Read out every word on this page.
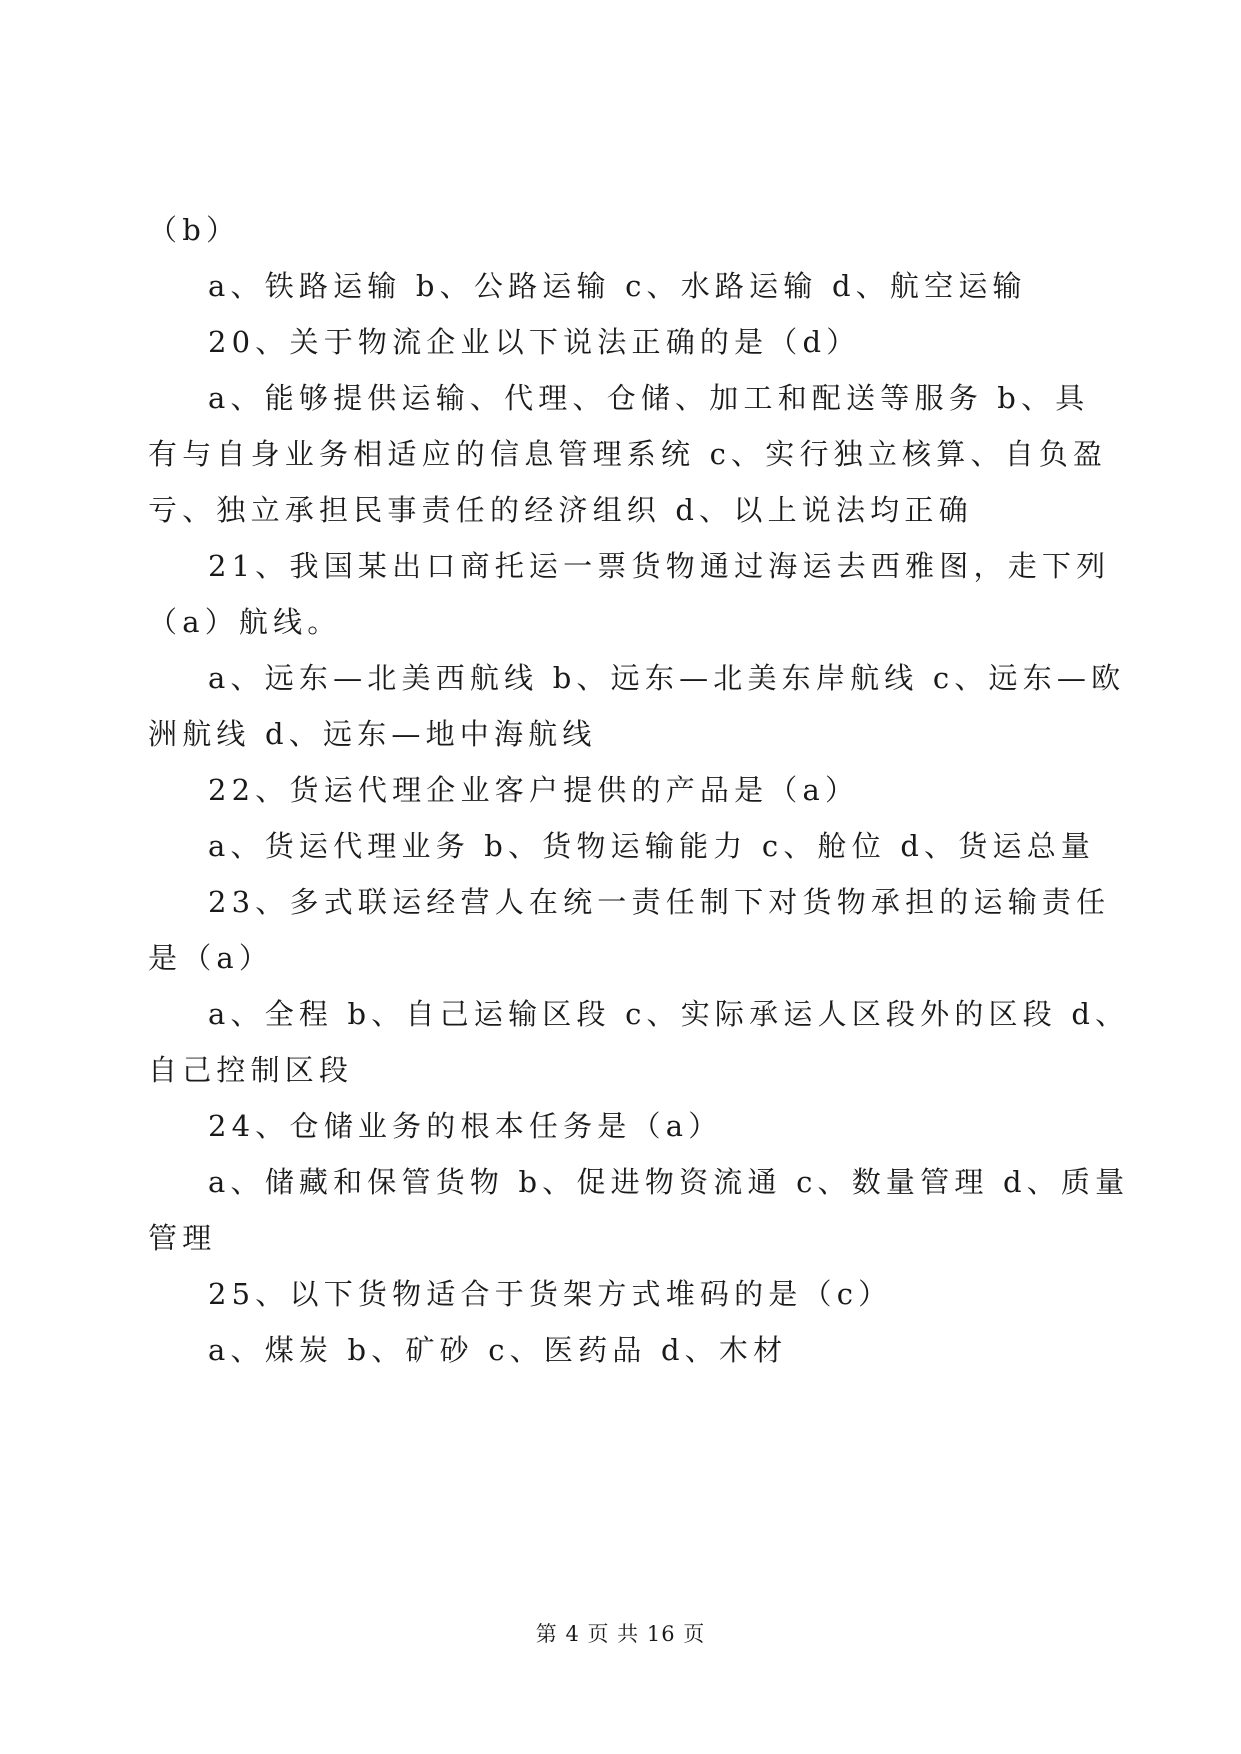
（b）
a、铁路运输 b、公路运输 c、水路运输 d、航空运输
20、关于物流企业以下说法正确的是（d）
a、能够提供运输、代理、仓储、加工和配送等服务 b、具
有与自身业务相适应的信息管理系统 c、实行独立核算、自负盈
亏、独立承担民事责任的经济组织 d、以上说法均正确
21、我国某出口商托运一票货物通过海运去西雅图，走下列
（a）航线。
a、远东—北美西航线 b、远东—北美东岸航线 c、远东—欧
洲航线 d、远东—地中海航线
22、货运代理企业客户提供的产品是（a）
a、货运代理业务 b、货物运输能力 c、舱位 d、货运总量
23、多式联运经营人在统一责任制下对货物承担的运输责任
是（a）
a、全程 b、自己运输区段 c、实际承运人区段外的区段 d、
自己控制区段
24、仓储业务的根本任务是（a）
a、储藏和保管货物 b、促进物资流通 c、数量管理 d、质量
管理
25、以下货物适合于货架方式堆码的是（c）
a、煤炭 b、矿砂 c、医药品 d、木材
第 4 页 共 16 页
